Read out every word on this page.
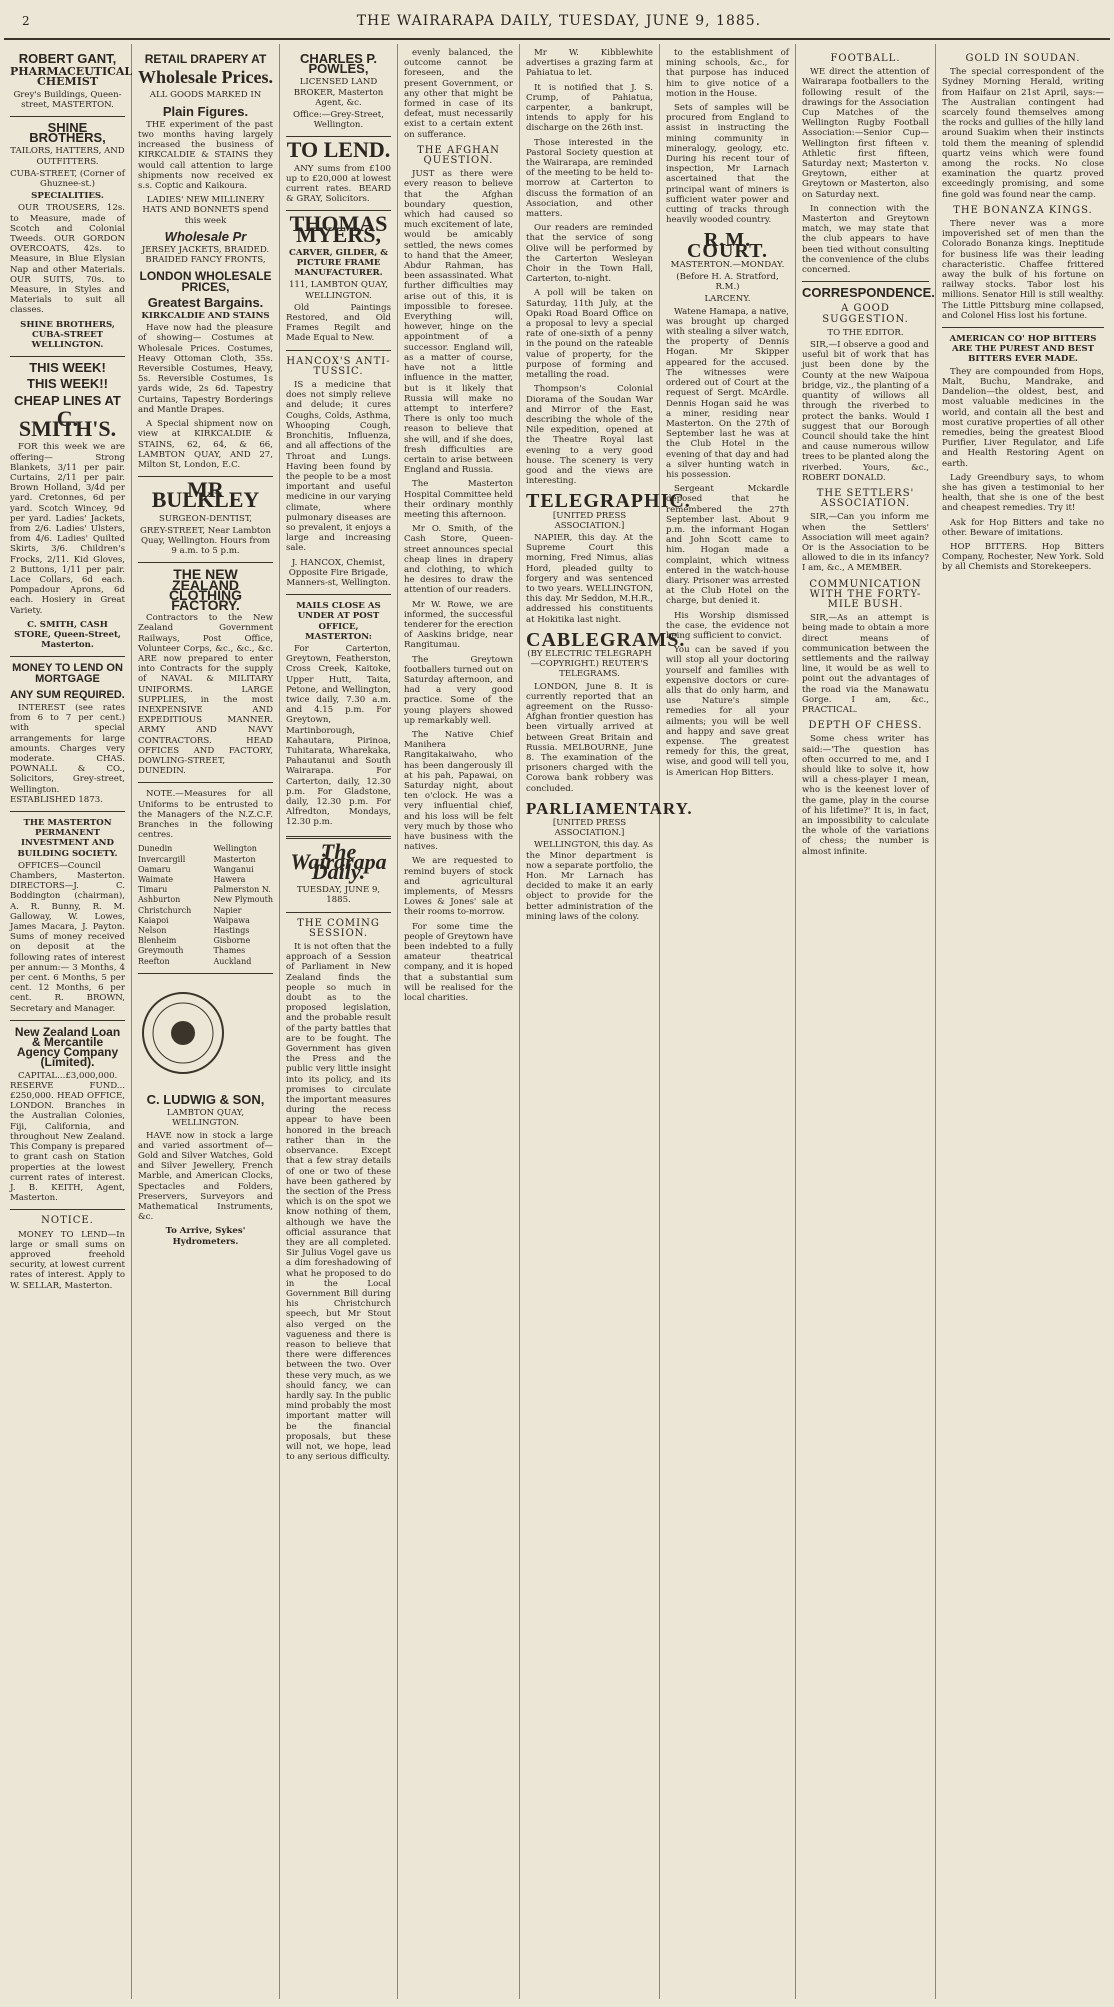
2	THE WAIRARAPA DAILY, TUESDAY, JUNE 9, 1885.

ROBERT GANT,
PHARMACEUTICAL CHEMIST
Grey's Buildings, Queen-street, MASTERTON.
SHINE BROTHERS,
TAILORS, HATTERS, AND OUTFITTERS.
CUBA-STREET, (Corner of Ghuznee-st.)
SPECIALITIES.

OUR TROUSERS, 12s. to Measure, made of Scotch and Colonial Tweeds. OUR GORDON OVERCOATS, 42s. to Measure, in Blue Elysian Nap and other Materials. OUR SUITS, 70s. to Measure, in Styles and Materials to suit all classes.

SHINE BROTHERS, CUBA-STREET WELLINGTON.
THIS WEEK!
THIS WEEK!!
CHEAP LINES AT
C. SMITH'S.

FOR this week we are offering— Strong Blankets, 3/11 per pair. Curtains, 2/11 per pair. Brown Holland, 3/4d per yard. Cretonnes, 6d per yard. Scotch Wincey, 9d per yard. Ladies' Jackets, from 2/6. Ladies' Ulsters, from 4/6. Ladies' Quilted Skirts, 3/6. Children's Frocks, 2/11. Kid Gloves, 2 Buttons, 1/11 per pair. Lace Collars, 6d each. Pompadour Aprons, 6d each. Hosiery in Great Variety.

C. SMITH, CASH STORE, Queen-Street, Masterton.
MONEY TO LEND ON MORTGAGE
ANY SUM REQUIRED.

INTEREST (see rates from 6 to 7 per cent.) with special arrangements for large amounts. Charges very moderate. CHAS. POWNALL & CO., Solicitors, Grey-street, Wellington. ESTABLISHED 1873.

THE MASTERTON PERMANENT INVESTMENT AND BUILDING SOCIETY.

OFFICES—Council Chambers, Masterton. DIRECTORS—J. C. Boddington (chairman), A. R. Bunny, R. M. Galloway, W. Lowes, James Macara, J. Payton. Sums of money received on deposit at the following rates of interest per annum:— 3 Months, 4 per cent. 6 Months, 5 per cent. 12 Months, 6 per cent. R. BROWN, Secretary and Manager.

New Zealand Loan & Mercantile Agency Company (Limited).

CAPITAL...£3,000,000. RESERVE FUND...£250,000. HEAD OFFICE, LONDON. Branches in the Australian Colonies, Fiji, California, and throughout New Zealand. This Company is prepared to grant cash on Station properties at the lowest current rates of interest. J. B. KEITH, Agent, Masterton.

NOTICE.

MONEY TO LEND—In large or small sums on approved freehold security, at lowest current rates of interest. Apply to W. SELLAR, Masterton.

RETAIL DRAPERY AT
Wholesale Prices.
ALL GOODS MARKED IN
Plain Figures.

THE experiment of the past two months having largely increased the business of KIRKCALDIE & STAINS they would call attention to large shipments now received ex s.s. Coptic and Kaikoura.

LADIES' NEW MILLINERY HATS AND BONNETS spend this week
Wholesale Pr
JERSEY JACKETS, BRAIDED. BRAIDED FANCY FRONTS,
LONDON WHOLESALE PRICES,
Greatest Bargains.
KIRKCALDIE AND STAINS

Have now had the pleasure of showing— Costumes at Wholesale Prices. Costumes, Heavy Ottoman Cloth, 35s. Reversible Costumes, Heavy, 5s. Reversible Costumes, 1s yards wide, 2s 6d. Tapestry Curtains, Tapestry Borderings and Mantle Drapes.

A Special shipment now on view at KIRKCALDIE & STAINS, 62, 64, & 66, LAMBTON QUAY, AND 27, Milton St, London, E.C.

MR BULKLEY
SURGEON-DENTIST,
GREY-STREET, Near Lambton Quay, Wellington. Hours from 9 a.m. to 5 p.m.
THE NEW ZEALAND CLOTHING FACTORY.

Contractors to the New Zealand Government Railways, Post Office, Volunteer Corps, &c., &c., &c. ARE now prepared to enter into Contracts for the supply of NAVAL & MILITARY UNIFORMS. LARGE SUPPLIES, in the most INEXPENSIVE AND EXPEDITIOUS MANNER. ARMY AND NAVY CONTRACTORS. HEAD OFFICES AND FACTORY, DOWLING-STREET, DUNEDIN.

NOTE.—Measures for all Uniforms to be entrusted to the Managers of the N.Z.C.F. Branches in the following centres.

Dunedin
Invercargill
Oamaru
Waimate
Timaru
Ashburton
Christchurch
Kaiapoi
Nelson
Blenheim
Greymouth
Reefton
Wellington
Masterton
Wanganui
Hawera
Palmerston N.
New Plymouth
Napier
Waipawa
Hastings
Gisborne
Thames
Auckland
C. LUDWIG & SON,
LAMBTON QUAY, WELLINGTON.

HAVE now in stock a large and varied assortment of— Gold and Silver Watches, Gold and Silver Jewellery, French Marble, and American Clocks, Spectacles and Folders, Preservers, Surveyors and Mathematical Instruments, &c.

To Arrive, Sykes' Hydrometers.
CHARLES P. POWLES,
LICENSED LAND BROKER, Masterton Agent, &c.
Office:—Grey-Street, Wellington.
TO LEND.

ANY sums from £100 up to £20,000 at lowest current rates. BEARD & GRAY, Solicitors.

THOMAS MYERS,
CARVER, GILDER, & PICTURE FRAME MANUFACTURER.
111, LAMBTON QUAY, WELLINGTON.

Old Paintings Restored, and Old Frames Regilt and Made Equal to New.

HANCOX'S ANTI-TUSSIC.

IS a medicine that does not simply relieve and delude; it cures Coughs, Colds, Asthma, Whooping Cough, Bronchitis, Influenza, and all affections of the Throat and Lungs. Having been found by the people to be a most important and useful medicine in our varying climate, where pulmonary diseases are so prevalent, it enjoys a large and increasing sale.

J. HANCOX, Chemist, Opposite Fire Brigade, Manners-st, Wellington.
MAILS CLOSE AS UNDER AT POST OFFICE, MASTERTON:

For Carterton, Greytown, Featherston, Cross Creek, Kaitoke, Upper Hutt, Taita, Petone, and Wellington, twice daily, 7.30 a.m. and 4.15 p.m. For Greytown, Martinborough, Kahautara, Pirinoa, Tuhitarata, Wharekaka, Pahautanui and South Wairarapa. For Carterton, daily, 12.30 p.m. For Gladstone, daily, 12.30 p.m. For Alfredton, Mondays, 12.30 p.m.

The Wairarapa Daily.
TUESDAY, JUNE 9, 1885.
THE COMING SESSION.

It is not often that the approach of a Session of Parliament in New Zealand finds the people so much in doubt as to the proposed legislation, and the probable result of the party battles that are to be fought. The Government has given the Press and the public very little insight into its policy, and its promises to circulate the important measures during the recess appear to have been honored in the breach rather than in the observance. Except that a few stray details of one or two of these have been gathered by the section of the Press which is on the spot we know nothing of them, although we have the official assurance that they are all completed. Sir Julius Vogel gave us a dim foreshadowing of what he proposed to do in the Local Government Bill during his Christchurch speech, but Mr Stout also verged on the vagueness and there is reason to believe that there were differences between the two. Over these very much, as we should fancy, we can hardly say. In the public mind probably the most important matter will be the financial proposals, but these will not, we hope, lead to any serious difficulty.

evenly balanced, the outcome cannot be foreseen, and the present Government, or any other that might be formed in case of its defeat, must necessarily exist to a certain extent on sufferance.

THE AFGHAN QUESTION.

JUST as there were every reason to believe that the Afghan boundary question, which had caused so much excitement of late, would be amicably settled, the news comes to hand that the Ameer, Abdur Rahman, has been assassinated. What further difficulties may arise out of this, it is impossible to foresee. Everything will, however, hinge on the appointment of a successor. England will, as a matter of course, have not a little influence in the matter, but is it likely that Russia will make no attempt to interfere? There is only too much reason to believe that she will, and if she does, fresh difficulties are certain to arise between England and Russia.

The Masterton Hospital Committee held their ordinary monthly meeting this afternoon.

Mr O. Smith, of the Cash Store, Queen-street announces special cheap lines in drapery and clothing, to which he desires to draw the attention of our readers.

Mr W. Rowe, we are informed, the successful tenderer for the erection of Aaskins bridge, near Rangitumau.

The Greytown footballers turned out on Saturday afternoon, and had a very good practice. Some of the young players showed up remarkably well.

The Native Chief Manihera Rangitakaiwaho, who has been dangerously ill at his pah, Papawai, on Saturday night, about ten o'clock. He was a very influential chief, and his loss will be felt very much by those who have business with the natives.

We are requested to remind buyers of stock and agricultural implements, of Messrs Lowes & Jones' sale at their rooms to-morrow.

For some time the people of Greytown have been indebted to a fully amateur theatrical company, and it is hoped that a substantial sum will be realised for the local charities.

Mr W. Kibblewhite advertises a grazing farm at Pahiatua to let.

It is notified that J. S. Crump, of Pahiatua, carpenter, a bankrupt, intends to apply for his discharge on the 26th inst.

Those interested in the Pastoral Society question at the Wairarapa, are reminded of the meeting to be held to-morrow at Carterton to discuss the formation of an Association, and other matters.

Our readers are reminded that the service of song Olive will be performed by the Carterton Wesleyan Choir in the Town Hall, Carterton, to-night.

A poll will be taken on Saturday, 11th July, at the Opaki Road Board Office on a proposal to levy a special rate of one-sixth of a penny in the pound on the rateable value of property, for the purpose of forming and metalling the road.

Thompson's Colonial Diorama of the Soudan War and Mirror of the East, describing the whole of the Nile expedition, opened at the Theatre Royal last evening to a very good house. The scenery is very good and the views are interesting.

TELEGRAPHIC.
[UNITED PRESS ASSOCIATION.]

NAPIER, this day. At the Supreme Court this morning, Fred Nimus, alias Hord, pleaded guilty to forgery and was sentenced to two years. WELLINGTON, this day. Mr Seddon, M.H.R., addressed his constituents at Hokitika last night.

CABLEGRAMS.
(BY ELECTRIC TELEGRAPH—COPYRIGHT.) REUTER'S TELEGRAMS.

LONDON, June 8. It is currently reported that an agreement on the Russo-Afghan frontier question has been virtually arrived at between Great Britain and Russia. MELBOURNE, June 8. The examination of the prisoners charged with the Corowa bank robbery was concluded.

PARLIAMENTARY.
[UNITED PRESS ASSOCIATION.]

WELLINGTON, this day. As the Minor department is now a separate portfolio, the Hon. Mr Larnach has decided to make it an early object to provide for the better administration of the mining laws of the colony.

to the establishment of mining schools, &c., for that purpose has induced him to give notice of a motion in the House.

Sets of samples will be procured from England to assist in instructing the mining community in mineralogy, geology, etc. During his recent tour of inspection, Mr Larnach ascertained that the principal want of miners is sufficient water power and cutting of tracks through heavily wooded country.

R.M. COURT.
MASTERTON.—MONDAY.
(Before H. A. Stratford, R.M.)
LARCENY.

Watene Hamapa, a native, was brought up charged with stealing a silver watch, the property of Dennis Hogan. Mr Skipper appeared for the accused. The witnesses were ordered out of Court at the request of Sergt. McArdle. Dennis Hogan said he was a miner, residing near Masterton. On the 27th of September last he was at the Club Hotel in the evening of that day and had a silver hunting watch in his possession.

Sergeant Mckardle deposed that he remembered the 27th September last. About 9 p.m. the informant Hogan and John Scott came to him. Hogan made a complaint, which witness entered in the watch-house diary. Prisoner was arrested at the Club Hotel on the charge, but denied it.

His Worship dismissed the case, the evidence not being sufficient to convict.

You can be saved if you will stop all your doctoring yourself and families with expensive doctors or cure-alls that do only harm, and use Nature's simple remedies for all your ailments; you will be well and happy and save great expense. The greatest remedy for this, the great, wise, and good will tell you, is American Hop Bitters.

FOOTBALL.

WE direct the attention of Wairarapa footballers to the following result of the drawings for the Association Cup Matches of the Wellington Rugby Football Association:—Senior Cup—Wellington first fifteen v. Athletic first fifteen, Saturday next; Masterton v. Greytown, either at Greytown or Masterton, also on Saturday next.

In connection with the Masterton and Greytown match, we may state that the club appears to have been tied without consulting the convenience of the clubs concerned.

CORRESPONDENCE.
A GOOD SUGGESTION.
TO THE EDITOR.

SIR,—I observe a good and useful bit of work that has just been done by the County at the new Waipoua bridge, viz., the planting of a quantity of willows all through the riverbed to protect the banks. Would I suggest that our Borough Council should take the hint and cause numerous willow trees to be planted along the riverbed. Yours, &c., ROBERT DONALD.

THE SETTLERS' ASSOCIATION.

SIR,—Can you inform me when the Settlers' Association will meet again? Or is the Association to be allowed to die in its infancy? I am, &c., A MEMBER.

COMMUNICATION WITH THE FORTY-MILE BUSH.

SIR,—As an attempt is being made to obtain a more direct means of communication between the settlements and the railway line, it would be as well to point out the advantages of the road via the Manawatu Gorge. I am, &c., PRACTICAL.

DEPTH OF CHESS.

Some chess writer has said:—'The question has often occurred to me, and I should like to solve it, how will a chess-player I mean, who is the keenest lover of the game, play in the course of his lifetime?' It is, in fact, an impossibility to calculate the whole of the variations of chess; the number is almost infinite.

GOLD IN SOUDAN.

The special correspondent of the Sydney Morning Herald, writing from Haifaur on 21st April, says:—The Australian contingent had scarcely found themselves among the rocks and gullies of the hilly land around Suakim when their instincts told them the meaning of splendid quartz veins which were found among the rocks. No close examination the quartz proved exceedingly promising, and some fine gold was found near the camp.

THE BONANZA KINGS.

There never was a more impoverished set of men than the Colorado Bonanza kings. Ineptitude for business life was their leading characteristic. Chaffee frittered away the bulk of his fortune on railway stocks. Tabor lost his millions. Senator Hill is still wealthy. The Little Pittsburg mine collapsed, and Colonel Hiss lost his fortune.

AMERICAN CO' HOP BITTERS ARE THE PUREST AND BEST BITTERS EVER MADE.

They are compounded from Hops, Malt, Buchu, Mandrake, and Dandelion—the oldest, best, and most valuable medicines in the world, and contain all the best and most curative properties of all other remedies, being the greatest Blood Purifier, Liver Regulator, and Life and Health Restoring Agent on earth.

Lady Greendbury says, to whom she has given a testimonial to her health, that she is one of the best and cheapest remedies. Try it!

Ask for Hop Bitters and take no other. Beware of imitations.

HOP BITTERS. Hop Bitters Company, Rochester, New York. Sold by all Chemists and Storekeepers.
